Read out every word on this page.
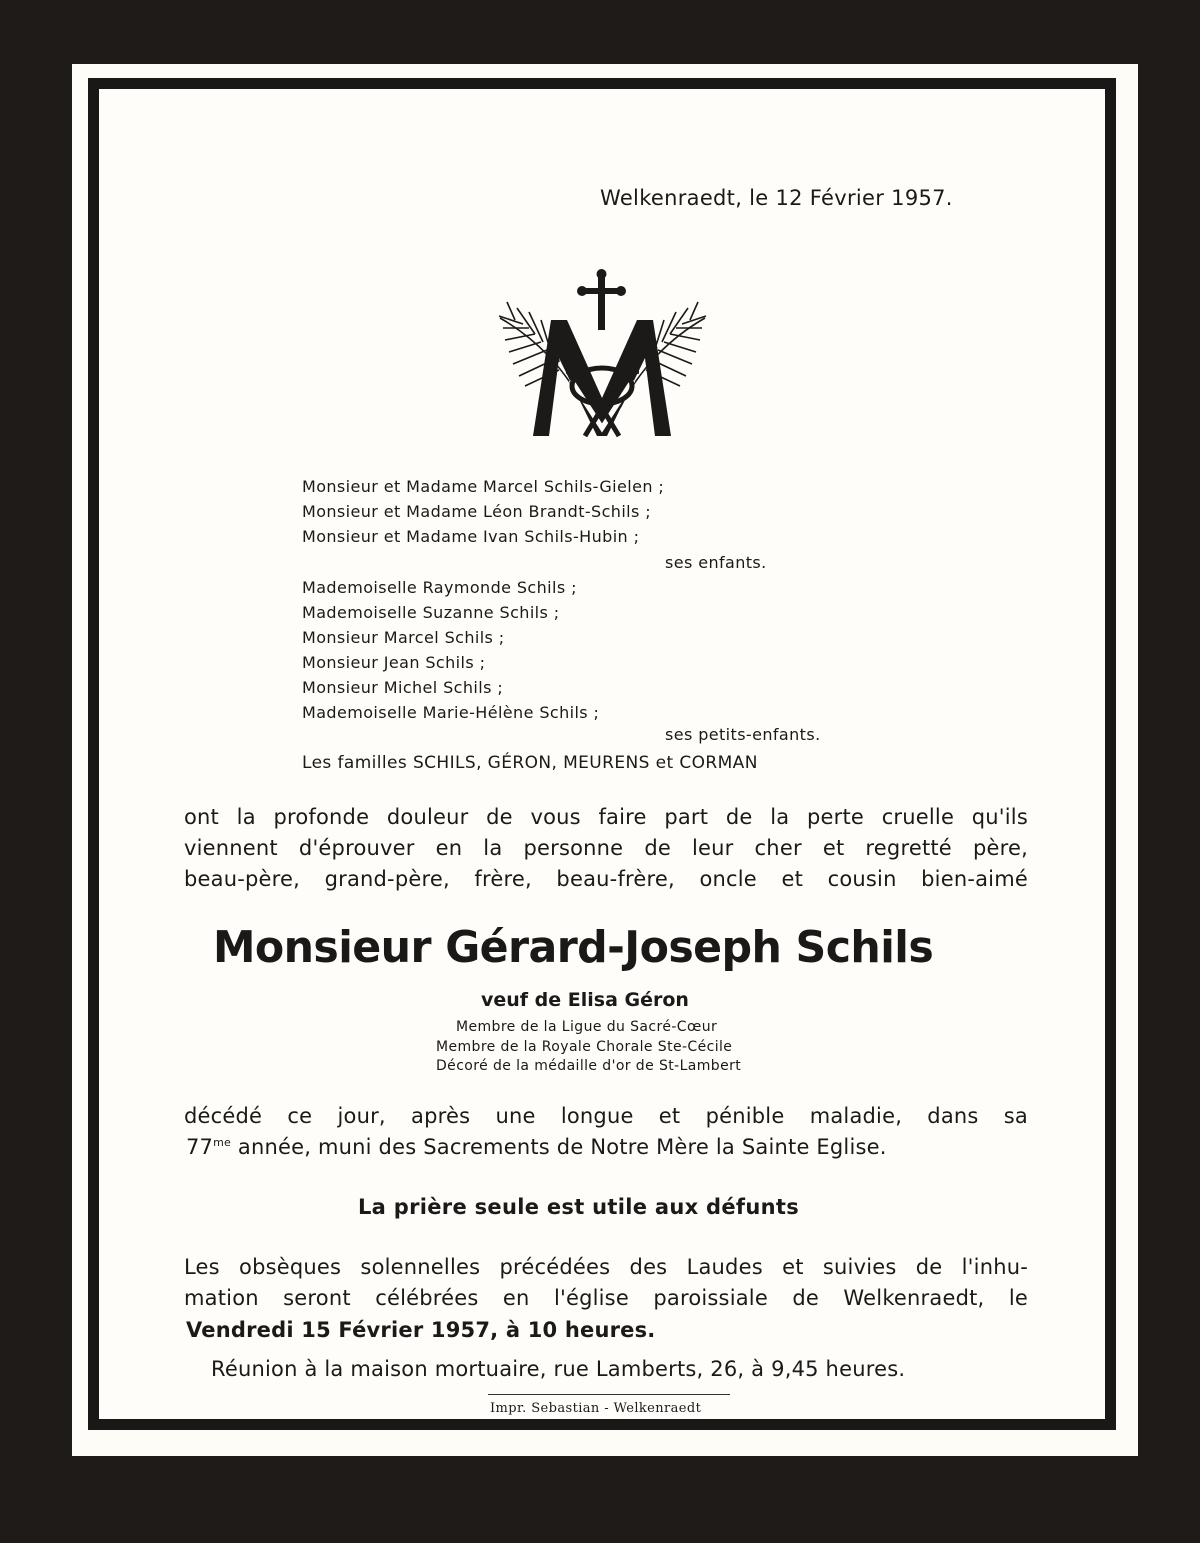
Welkenraedt, le 12 Février 1957.
Monsieur et Madame Marcel Schils-Gielen ;
Monsieur et Madame Léon Brandt-Schils ;
Monsieur et Madame Ivan Schils-Hubin ;
ses enfants.
Mademoiselle Raymonde Schils ;
Mademoiselle Suzanne Schils ;
Monsieur Marcel Schils ;
Monsieur Jean Schils ;
Monsieur Michel Schils ;
Mademoiselle Marie-Hélène Schils ;
ses petits-enfants.
Les familles SCHILS, GÉRON, MEURENS et CORMAN
ont la profonde douleur de vous faire part de la perte cruelle qu'ils
viennent d'éprouver en la personne de leur cher et regretté père,
beau-père, grand-père, frère, beau-frère, oncle et cousin bien-aimé
Monsieur Gérard-Joseph Schils
veuf de Elisa Géron
Membre de la Ligue du Sacré-Cœur
Membre de la Royale Chorale Ste-Cécile
Décoré de la médaille d'or de St-Lambert
décédé ce jour, après une longue et pénible maladie, dans sa
$77^{me}$ année, muni des Sacrements de Notre Mère la Sainte Eglise.
La prière seule est utile aux défunts
Les obsèques solennelles précédées des Laudes et suivies de l'inhu-
mation seront célébrées en l'église paroissiale de Welkenraedt, le
Vendredi 15 Février 1957, à 10 heures.
Réunion à la maison mortuaire, rue Lamberts, 26, à 9,45 heures.
Impr. Sebastian - Welkenraedt
